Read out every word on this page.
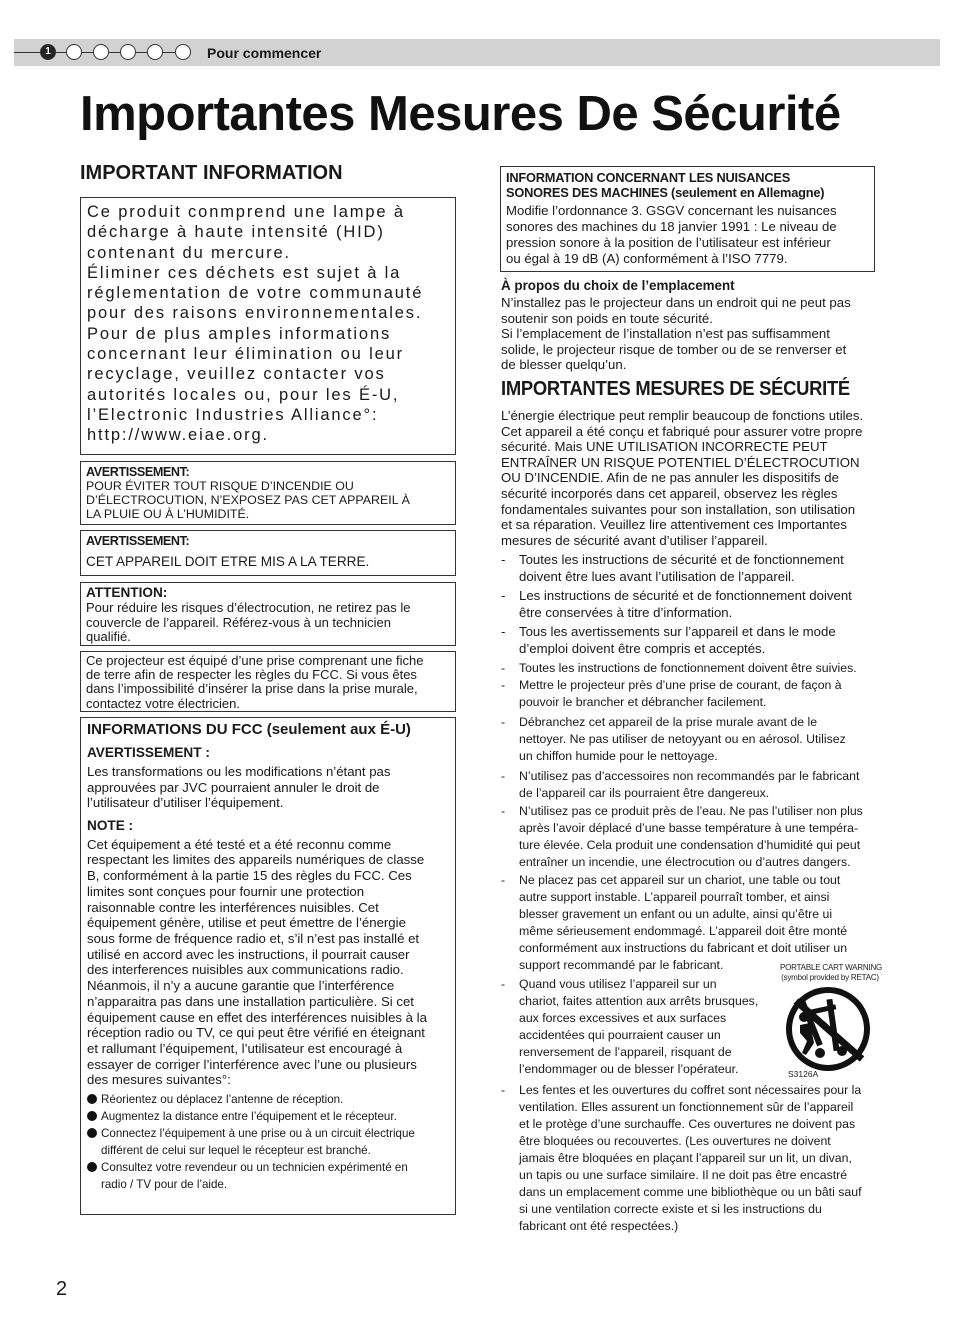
1	Pour commencer
Importantes Mesures De Sécurité
IMPORTANT INFORMATION
Ce produit conmprend une lampe à
décharge à haute intensité (HID)
contenant du mercure.
Éliminer ces déchets est sujet à la
réglementation de votre communauté
pour des raisons environnementales.
Pour de plus amples informations
concernant leur élimination ou leur
recyclage, veuillez contacter vos
autorités locales ou, pour les É-U,
l’Electronic Industries Alliance°:
http://www.eiae.org.
AVERTISSEMENT:
POUR ÉVITER TOUT RISQUE D’INCENDIE OU
D’ÉLECTROCUTION, N’EXPOSEZ PAS CET APPAREIL À
LA PLUIE OU À L’HUMIDITÉ.
AVERTISSEMENT:
CET APPAREIL DOIT ETRE MIS A LA TERRE.
ATTENTION:
Pour réduire les risques d’électrocution, ne retirez pas le
couvercle de l’appareil. Référez-vous à un technicien
qualifié.
Ce projecteur est équipé d’une prise comprenant une fiche
de terre afin de respecter les règles du FCC. Si vous êtes
dans l’impossibilité d’insérer la prise dans la prise murale,
contactez votre électricien.
INFORMATIONS DU FCC (seulement aux É-U)
AVERTISSEMENT :
Les transformations ou les modifications n’étant pas
approuvées par JVC pourraient annuler le droit de
l’utilisateur d’utiliser l’équipement.
NOTE :
Cet équipement a été testé et a été reconnu comme
respectant les limites des appareils numériques de classe
B, conformément à la partie 15 des règles du FCC. Ces
limites sont conçues pour fournir une protection
raisonnable contre les interférences nuisibles. Cet
équipement génère, utilise et peut émettre de l’énergie
sous forme de fréquence radio et, s’il n’est pas installé et
utilisé en accord avec les instructions, il pourrait causer
des interferences nuisibles aux communications radio.
Néanmois, il n’y a aucune garantie que l’interférence
n’apparaitra pas dans une installation particulière. Si cet
équipement cause en effet des interférences nuisibles à la
réception radio ou TV, ce qui peut être vérifié en éteignant
et rallumant l’équipement, l’utilisateur est encouragé à
essayer de corriger l’interférence avec l’une ou plusieurs
des mesures suivantes°:
Réorientez ou déplacez l’antenne de réception.
Augmentez la distance entre l’équipement et le récepteur.
Connectez l’équipement à une prise ou à un circuit électrique
différent de celui sur lequel le récepteur est branché.
Consultez votre revendeur ou un technicien expérimenté en
radio / TV pour de l’aide.
INFORMATION CONCERNANT LES NUISANCES
SONORES DES MACHINES (seulement en Allemagne)
Modifie l’ordonnance 3. GSGV concernant les nuisances
sonores des machines du 18 janvier 1991 : Le niveau de
pression sonore à la position de l’utilisateur est inférieur
ou égal à 19 dB (A) conformément à l’ISO 7779.
À propos du choix de l’emplacement
N’installez pas le projecteur dans un endroit qui ne peut pas
soutenir son poids en toute sécurité.
Si l’emplacement de l’installation n’est pas suffisamment
solide, le projecteur risque de tomber ou de se renverser et
de blesser quelqu’un.
IMPORTANTES MESURES DE SÉCURITÉ
L’énergie électrique peut remplir beaucoup de fonctions utiles.
Cet appareil a été conçu et fabriqué pour assurer votre propre
sécurité. Mais UNE UTILISATION INCORRECTE PEUT
ENTRAÎNER UN RISQUE POTENTIEL D’ÉLECTROCUTION
OU D’INCENDIE. Afin de ne pas annuler les dispositifs de
sécurité incorporés dans cet appareil, observez les règles
fondamentales suivantes pour son installation, son utilisation
et sa réparation. Veuillez lire attentivement ces Importantes
mesures de sécurité avant d’utiliser l’appareil.
- Toutes les instructions de sécurité et de fonctionnement
doivent être lues avant l’utilisation de l’appareil.
- Les instructions de sécurité et de fonctionnement doivent
être conservées à titre d’information.
- Tous les avertissements sur l’appareil et dans le mode
d’emploi doivent être compris et acceptés.
- Toutes les instructions de fonctionnement doivent être suivies.
- Mettre le projecteur près d’une prise de courant, de façon à
pouvoir le brancher et débrancher facilement.
- Débranchez cet appareil de la prise murale avant de le
nettoyer. Ne pas utiliser de netoyyant ou en aérosol. Utilisez
un chiffon humide pour le nettoyage.
- N’utilisez pas d’accessoires non recommandés par le fabricant
de l’appareil car ils pourraient être dangereux.
- N’utilisez pas ce produit près de l’eau. Ne pas l’utiliser non plus
après l’avoir déplacé d’une basse température à une tempéra-
ture élevée. Cela produit une condensation d’humidité qui peut
entraîner un incendie, une électrocution ou d’autres dangers.
- Ne placez pas cet appareil sur un chariot, une table ou tout
autre support instable. L’appareil pourraît tomber, et ainsi
blesser gravement un enfant ou un adulte, ainsi qu’être ui
même sérieusement endommagé. L’appareil doit être monté
conformément aux instructions du fabricant et doit utiliser un
support recommandé par le fabricant.
- Quand vous utilisez l’appareil sur un
chariot, faites attention aux arrêts brusques,
aux forces excessives et aux surfaces
accidentées qui pourraient causer un
renversement de l’appareil, risquant de
l’endommager ou de blesser l’opérateur.
- Les fentes et les ouvertures du coffret sont nécessaires pour la
ventilation. Elles assurent un fonctionnement sûr de l’appareil
et le protège d’une surchauffe. Ces ouvertures ne doivent pas
être bloquées ou recouvertes. (Les ouvertures ne doivent
jamais être bloquées en plaçant l’appareil sur un lit, un divan,
un tapis ou une surface similaire. Il ne doit pas être encastré
dans un emplacement comme une bibliothèque ou un bâti sauf
si une ventilation correcte existe et si les instructions du
fabricant ont été respectées.)
PORTABLE CART WARNING
(symbol provided by RETAC)
S3126A
2
